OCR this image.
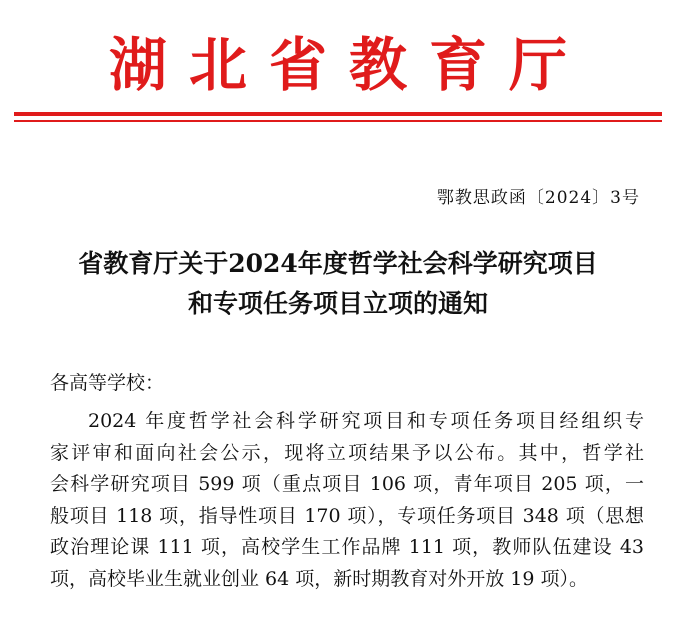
湖北省教育厅
鄂教思政函〔2024〕3号
省教育厅关于2024年度哲学社会科学研究项目
和专项任务项目立项的通知
各高等学校：
2024 年度哲学社会科学研究项目和专项任务项目经组织专
家评审和面向社会公示，现将立项结果予以公布。其中，哲学社
会科学研究项目 599 项（重点项目 106 项，青年项目 205 项，一
般项目 118 项，指导性项目 170 项），专项任务项目 348 项（思想
政治理论课 111 项，高校学生工作品牌 111 项，教师队伍建设 43
项，高校毕业生就业创业 64 项，新时期教育对外开放 19 项）。
